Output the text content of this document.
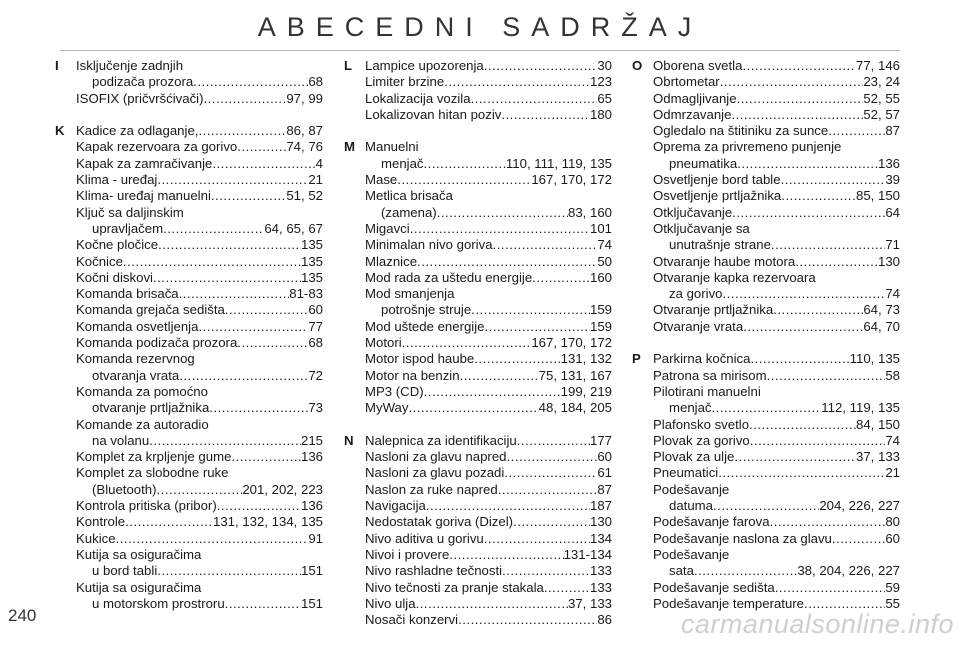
ABECEDNI SADRŽAJ
I	Isključenje zadnjih
podizača prozora .....	68
ISOFIX (pričvršćivači) .....	97, 99
K Kadice za odlaganje, .....	86, 87
Kapak rezervoara za gorivo .....	74, 76
Kapak za zamračivanje .....	4
Klima - uređaj .....	21
Klima- uređaj manuelni .....	51, 52
Ključ sa daljinskim
upravljačem .....	64, 65, 67
Kočne pločice .....	135
Kočnice .....	135
Kočni diskovi .....	135
Komanda brisača .....	81-83
Komanda grejača sedišta .....	60
Komanda osvetljenja .....	77
Komanda podizača prozora .....	68
Komanda rezervnog
otvaranja vrata .....	72
Komanda za pomoćno
otvaranje prtljažnika .....	73
Komande za autoradio
na volanu .....	215
Komplet za krpljenje gume .....	136
Komplet za slobodne ruke
(Bluetooth) .....	201, 202, 223
Kontrola pritiska (pribor) .....	136
Kontrole .....	131, 132, 134, 135
Kukice .....	91
Kutija sa osiguračima
u bord tabli .....	151
Kutija sa osiguračima
u motorskom prostroru .....	151
L Lampice upozorenja .....	30
Limiter brzine .....	123
Lokalizacija vozila .....	65
Lokalizovan hitan poziv .....	180
M Manuelni
menjač .....	110, 111, 119, 135
Mase .....	167, 170, 172
Metlica brisača
(zamena) .....	83, 160
Migavci .....	101
Minimalan nivo goriva .....	74
Mlaznice .....	50
Mod rada za uštedu energije .....	160
Mod smanjenja
potrošnje struje .....	159
Mod uštede energije .....	159
Motori .....	167, 170, 172
Motor ispod haube .....	131, 132
Motor na benzin .....	75, 131, 167
MP3 (CD) .....	199, 219
MyWay .....	48, 184, 205
N Nalepnica za identifikaciju .....	177
Nasloni za glavu napred .....	60
Nasloni za glavu pozadi .....	61
Naslon za ruke napred .....	87
Navigacija .....	187
Nedostatak goriva (Dizel) .....	130
Nivo aditiva u gorivu .....	134
Nivoi i provere .....	131-134
Nivo rashladne tečnosti .....	133
Nivo tečnosti za pranje stakala .....	133
Nivo ulja .....	37, 133
Nosači konzervi .....	86
O Oborena svetla .....	77, 146
Obrtometar .....	23, 24
Odmagljivanje .....	52, 55
Odmrzavanje .....	52, 57
Ogledalo na štitiniku za sunce .....	87
Oprema za privremeno punjenje
pneumatika .....	136
Osvetljenje bord table .....	39
Osvetljenje prtljažnika .....	85, 150
Otključavanje .....	64
Otključavanje sa
unutrašnje strane .....	71
Otvaranje haube motora .....	130
Otvaranje kapka rezervoara
za gorivo .....	74
Otvaranje prtljažnika .....	64, 73
Otvaranje vrata .....	64, 70
P Parkirna kočnica .....	110, 135
Patrona sa mirisom .....	58
Pilotirani manuelni
menjač .....	112, 119, 135
Plafonsko svetlo .....	84, 150
Plovak za gorivo .....	74
Plovak za ulje .....	37, 133
Pneumatici .....	21
Podešavanje
datuma .....	204, 226, 227
Podešavanje farova .....	80
Podešavanje naslona za glavu .....	60
Podešavanje
sata .....	38, 204, 226, 227
Podešavanje sedišta .....	59
Podešavanje temperature .....	55
240	carmanualsonline.info
